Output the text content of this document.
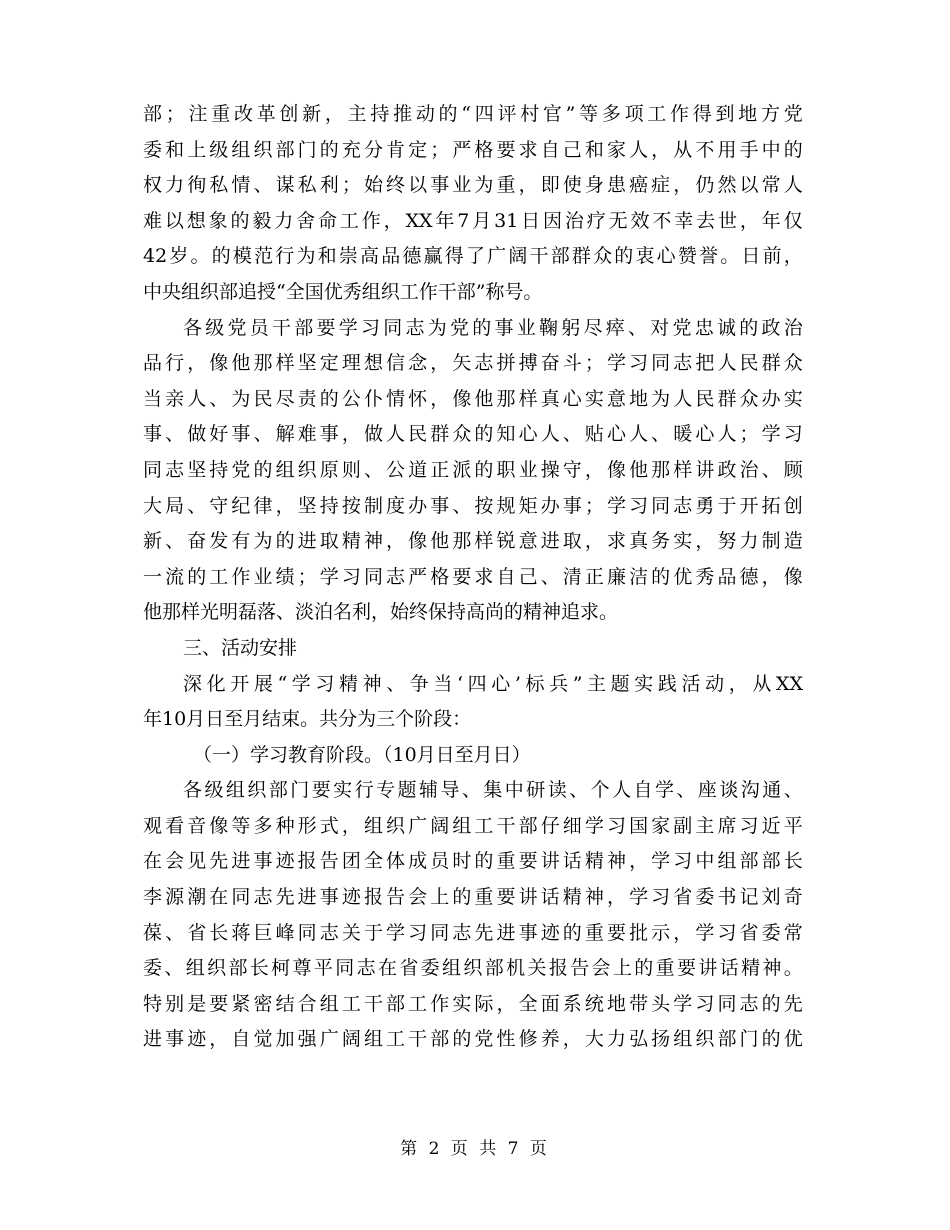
部 ； 注 重 改 革 创 新 ， 主 持 推 动 的 “ 四 评 村 官 ” 等 多 项 工 作 得 到 地 方 党
委 和 上 级 组 织 部 门 的 充 分 肯 定 ； 严 格 要 求 自 己 和 家 人 ， 从 不 用 手 中 的
权 力 徇 私 情 、 谋 私 利 ； 始 终 以 事 业 为 重 ， 即 使 身 患 癌 症 ， 仍 然 以 常 人
难 以 想 象 的 毅 力 舍 命 工 作 ， XX 年 7 月 31 日 因 治 疗 无 效 不 幸 去 世 ， 年 仅
42 岁 。 的 模 范 行 为 和 崇 高 品 德 赢 得 了 广 阔 干 部 群 众 的 衷 心 赞 誉 。 日 前 ，
中央组织部追授“全国优秀组织工作干部”称号。
各 级 党 员 干 部 要 学 习 同 志 为 党 的 事 业 鞠 躬 尽 瘁 、 对 党 忠 诚 的 政 治
品 行 ， 像 他 那 样 坚 定 理 想 信 念 ， 矢 志 拼 搏 奋 斗 ； 学 习 同 志 把 人 民 群 众
当 亲 人 、 为 民 尽 责 的 公 仆 情 怀 ， 像 他 那 样 真 心 实 意 地 为 人 民 群 众 办 实
事 、 做 好 事 、 解 难 事 ， 做 人 民 群 众 的 知 心 人 、 贴 心 人 、 暖 心 人 ； 学 习
同 志 坚 持 党 的 组 织 原 则 、 公 道 正 派 的 职 业 操 守 ， 像 他 那 样 讲 政 治 、 顾
大 局 、 守 纪 律 ， 坚 持 按 制 度 办 事 、 按 规 矩 办 事 ； 学 习 同 志 勇 于 开 拓 创
新 、 奋 发 有 为 的 进 取 精 神 ， 像 他 那 样 锐 意 进 取 ， 求 真 务 实 ， 努 力 制 造
一 流 的 工 作 业 绩 ； 学 习 同 志 严 格 要 求 自 己 、 清 正 廉 洁 的 优 秀 品 德 ， 像
他那样光明磊落、淡泊名利，始终保持高尚的精神追求。
三、活动安排
深 化 开 展 “ 学 习 精 神 、 争 当 ‘ 四 心 ’ 标 兵 ” 主 题 实 践 活 动 ， 从 XX
年10月日至月结束。共分为三个阶段：
（一）学习教育阶段。（10月日至月日）
各 级 组 织 部 门 要 实 行 专 题 辅 导 、 集 中 研 读 、 个 人 自 学 、 座 谈 沟 通 、
观 看 音 像 等 多 种 形 式 ， 组 织 广 阔 组 工 干 部 仔 细 学 习 国 家 副 主 席 习 近 平
在 会 见 先 进 事 迹 报 告 团 全 体 成 员 时 的 重 要 讲 话 精 神 ， 学 习 中 组 部 部 长
李 源 潮 在 同 志 先 进 事 迹 报 告 会 上 的 重 要 讲 话 精 神 ， 学 习 省 委 书 记 刘 奇
葆 、 省 长 蒋 巨 峰 同 志 关 于 学 习 同 志 先 进 事 迹 的 重 要 批 示 ， 学 习 省 委 常
委 、 组 织 部 长 柯 尊 平 同 志 在 省 委 组 织 部 机 关 报 告 会 上 的 重 要 讲 话 精 神 。
特 别 是 要 紧 密 结 合 组 工 干 部 工 作 实 际 ， 全 面 系 统 地 带 头 学 习 同 志 的 先
进 事 迹 ， 自 觉 加 强 广 阔 组 工 干 部 的 党 性 修 养 ， 大 力 弘 扬 组 织 部 门 的 优
第 2 页 共 7 页
